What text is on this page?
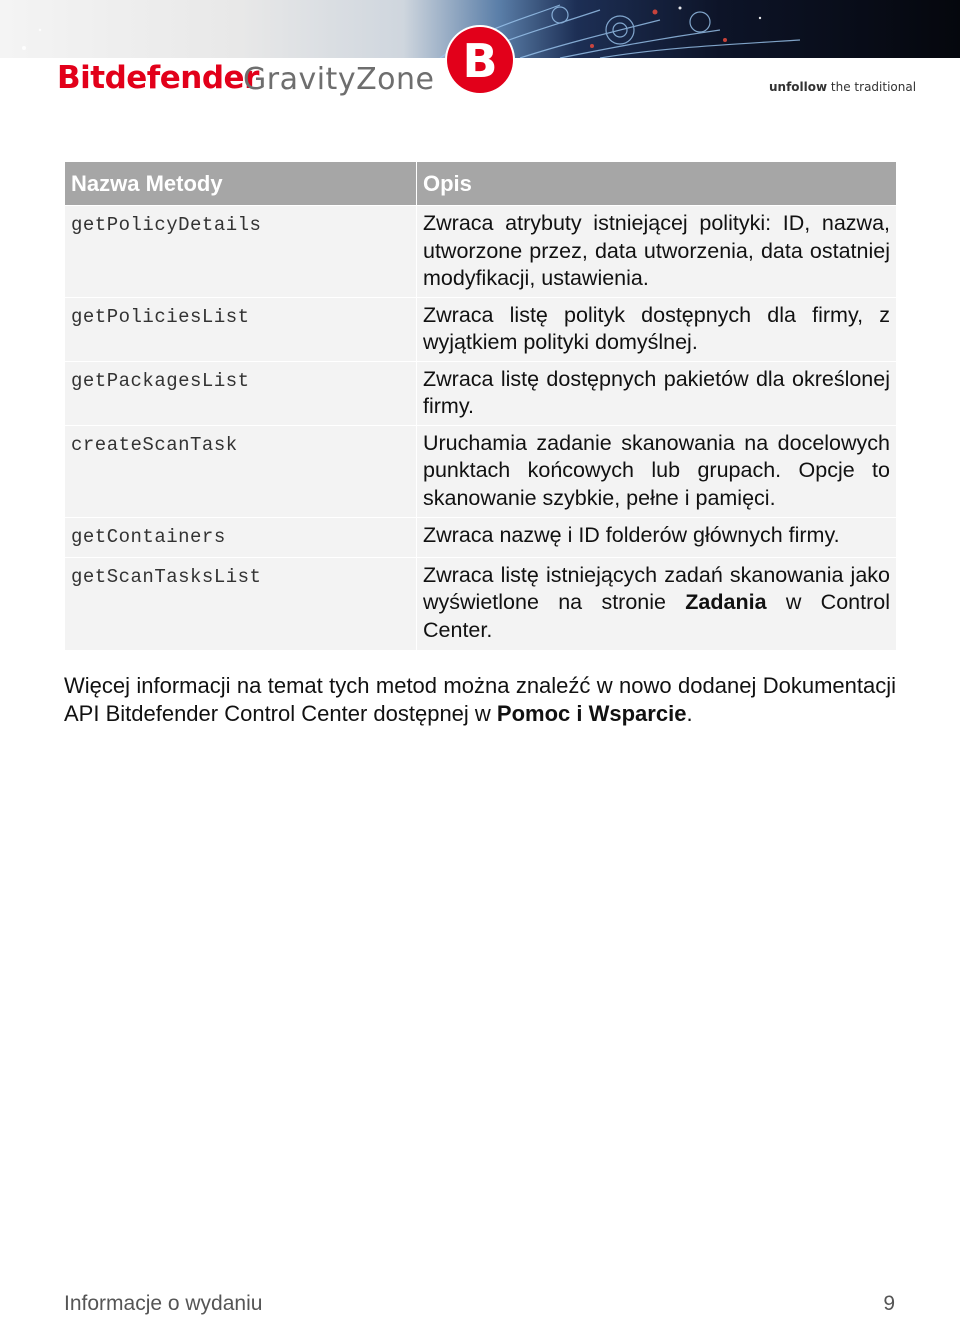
Bitdefender
GravityZone B	unfollow the traditional
Nazwa Metody	Opis
getPolicyDetails	Zwraca atrybuty istniejącej polityki: ID, nazwa, utworzone przez, data utworzenia, data ostatniej modyfikacji, ustawienia.
getPoliciesList	Zwraca listę polityk dostępnych dla firmy, z wyjątkiem polityki domyślnej.
getPackagesList	Zwraca listę dostępnych pakietów dla określonej firmy.
createScanTask	Uruchamia zadanie skanowania na docelowych punktach końcowych lub grupach. Opcje to skanowanie szybkie, pełne i pamięci.
getContainers	Zwraca nazwę i ID folderów głównych firmy.
getScanTasksList	Zwraca listę istniejących zadań skanowania jako wyświetlone na stronie Zadania w Control Center.
Więcej informacji na temat tych metod można znaleźć w nowo dodanej Dokumentacji API Bitdefender Control Center dostępnej w Pomoc i Wsparcie.
Informacje o wydaniu	9
